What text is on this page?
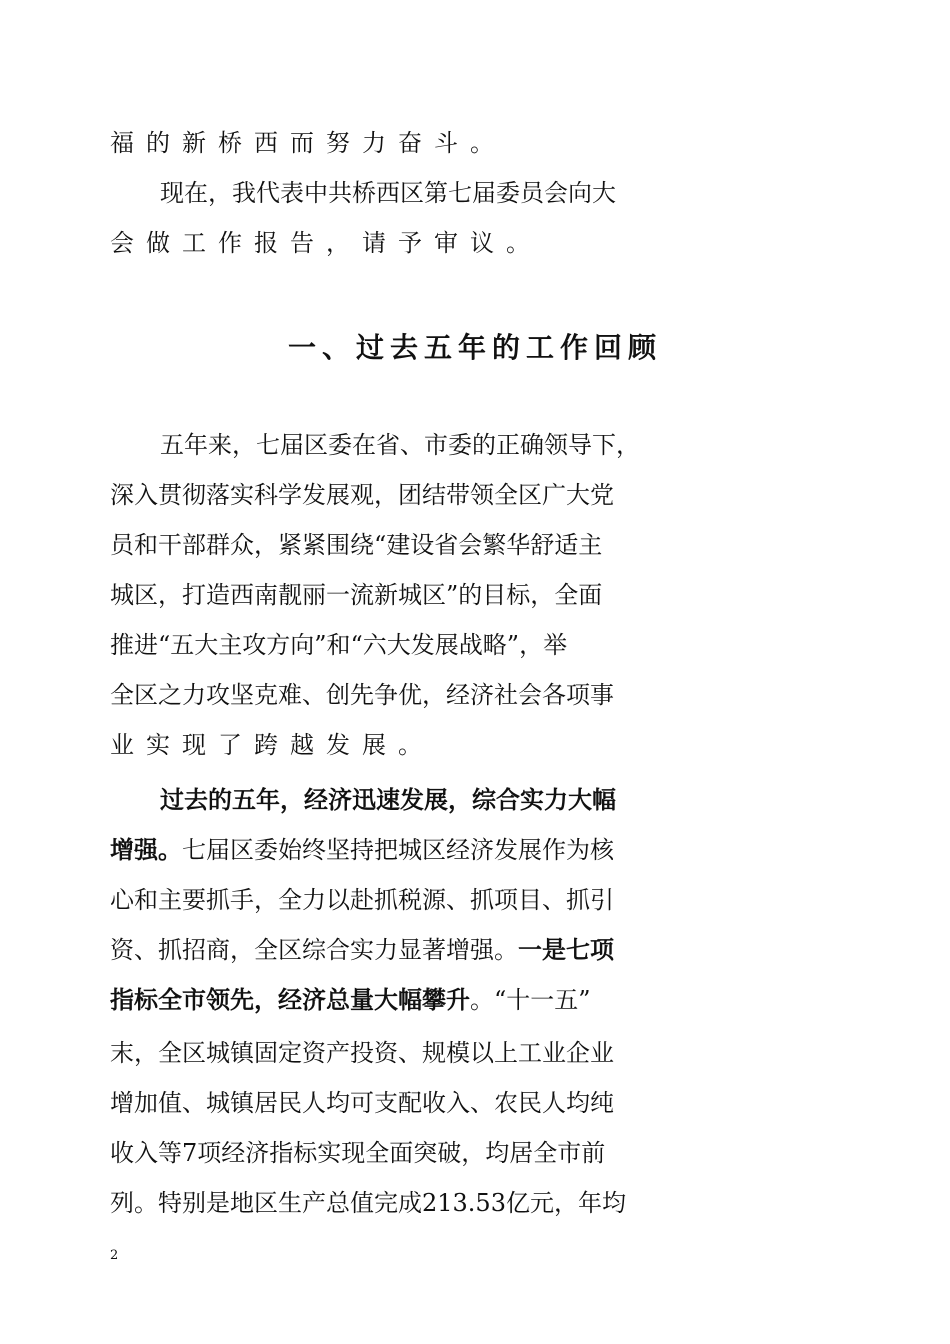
福的新桥西而努力奋斗。
现在，我代表中共桥西区第七届委员会向大
会做工作报告，请予审议。
一、过去五年的工作回顾
五年来，七届区委在省、市委的正确领导下，
深入贯彻落实科学发展观，团结带领全区广大党
员和干部群众，紧紧围绕“建设省会繁华舒适主
城区，打造西南靓丽一流新城区”的目标，全面
推进“五大主攻方向”和“六大发展战略”，举
全区之力攻坚克难、创先争优，经济社会各项事
业实现了跨越发展。
过去的五年，经济迅速发展，综合实力大幅
增强。七届区委始终坚持把城区经济发展作为核
心和主要抓手，全力以赴抓税源、抓项目、抓引
资、抓招商，全区综合实力显著增强。一是七项
指标全市领先，经济总量大幅攀升。“十一五”
末，全区城镇固定资产投资、规模以上工业企业
增加值、城镇居民人均可支配收入、农民人均纯
收入等7项经济指标实现全面突破，均居全市前
列。特别是地区生产总值完成213.53亿元，年均
2
